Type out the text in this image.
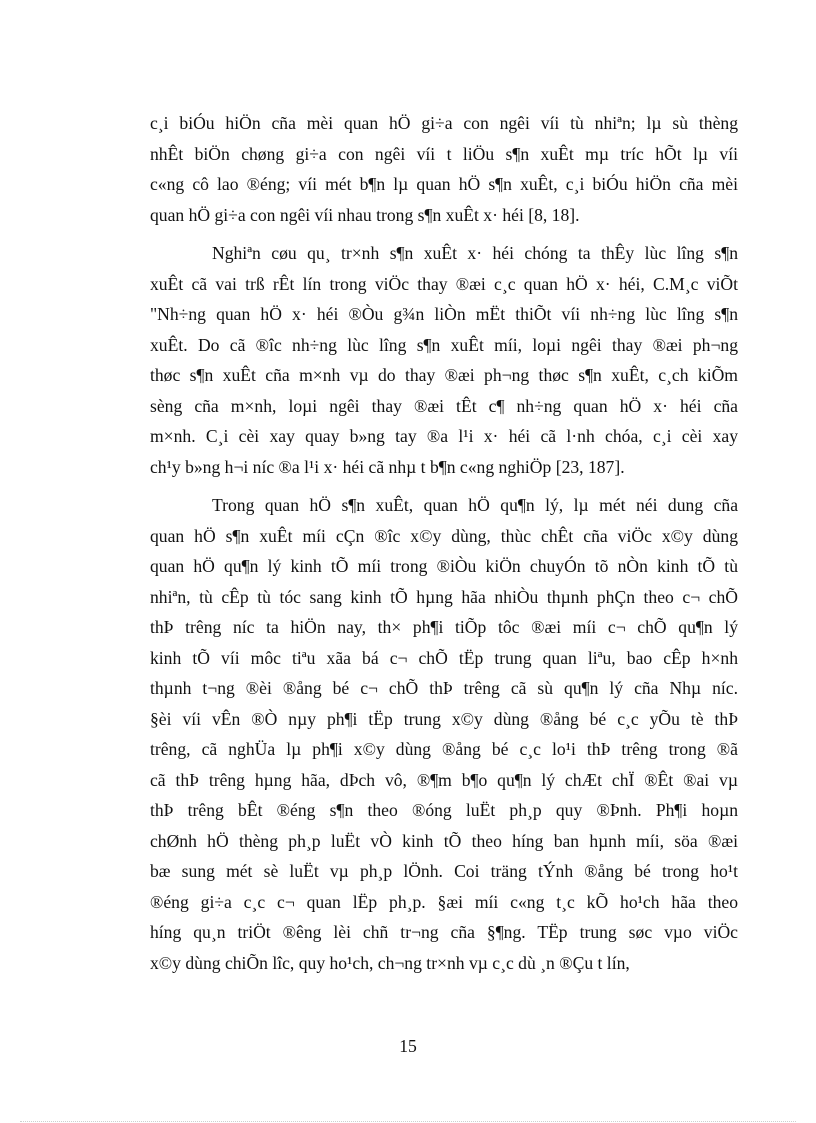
c¸i biÓu hiÖn cña mèi quan hÖ gi÷a con ngêi víi tù nhiªn; lµ sù thèng
nhÊt biÖn chøng gi÷a con ngêi víi t liÖu s¶n xuÊt mµ tríc hÕt lµ víi
c«ng cô lao ®éng; víi mét b¶n lµ quan hÖ s¶n xuÊt, c¸i biÓu hiÖn cña mèi
quan hÖ gi÷a con ngêi víi nhau trong s¶n xuÊt x· héi [8, 18].
Nghiªn cøu qu¸ tr×nh s¶n xuÊt x· héi chóng ta thÊy lùc lîng s¶n
xuÊt cã vai trß rÊt lín trong viÖc thay ®æi c¸c quan hÖ x· héi, C.M¸c viÕt
"Nh÷ng quan hÖ x· héi ®Òu g¾n liÒn mËt thiÕt víi nh÷ng lùc lîng s¶n
xuÊt. Do cã ®îc nh÷ng lùc lîng s¶n xuÊt míi, loµi ngêi thay ®æi ph¬ng
thøc s¶n xuÊt cña m×nh vµ do thay ®æi ph¬ng thøc s¶n xuÊt, c¸ch kiÕm
sèng cña m×nh, loµi ngêi thay ®æi tÊt c¶ nh÷ng quan hÖ x· héi cña
m×nh. C¸i cèi xay quay b»ng tay ®a l¹i x· héi cã l·nh chóa, c¸i cèi xay
ch¹y b»ng h¬i níc ®a l¹i x· héi cã nhµ t b¶n c«ng nghiÖp [23, 187].
Trong quan hÖ s¶n xuÊt, quan hÖ qu¶n lý, lµ mét néi dung cña
quan hÖ s¶n xuÊt míi cÇn ®îc x©y dùng, thùc chÊt cña viÖc x©y dùng
quan hÖ qu¶n lý kinh tÕ míi trong ®iÒu kiÖn chuyÓn tõ nÒn kinh tÕ tù
nhiªn, tù cÊp tù tóc sang kinh tÕ hµng hãa nhiÒu thµnh phÇn theo c¬ chÕ
thÞ trêng níc ta hiÖn nay, th× ph¶i tiÕp tôc ®æi míi c¬ chÕ qu¶n lý
kinh tÕ víi môc tiªu xãa bá c¬ chÕ tËp trung quan liªu, bao cÊp h×nh
thµnh t¬ng ®èi ®ång bé c¬ chÕ thÞ trêng cã sù qu¶n lý cña Nhµ níc.
§èi víi vÊn ®Ò nµy ph¶i tËp trung x©y dùng ®ång bé c¸c yÕu tè thÞ
trêng, cã nghÜa lµ ph¶i x©y dùng ®ång bé c¸c lo¹i thÞ trêng trong ®ã
cã thÞ trêng hµng hãa, dÞch vô, ®¶m b¶o qu¶n lý chÆt chÏ ®Êt ®ai vµ
thÞ trêng bÊt ®éng s¶n theo ®óng luËt ph¸p quy ®Þnh. Ph¶i hoµn
chØnh hÖ thèng ph¸p luËt vÒ kinh tÕ theo híng ban hµnh míi, söa ®æi
bæ sung mét sè luËt vµ ph¸p lÖnh. Coi träng tÝnh ®ång bé trong ho¹t
®éng gi÷a c¸c c¬ quan lËp ph¸p. §æi míi c«ng t¸c kÕ ho¹ch hãa theo
híng qu¸n triÖt ®êng lèi chñ tr¬ng cña §¶ng. TËp trung søc vµo viÖc
x©y dùng chiÕn lîc, quy ho¹ch, ch¬ng tr×nh vµ c¸c dù ¸n ®Çu t lín,
15
